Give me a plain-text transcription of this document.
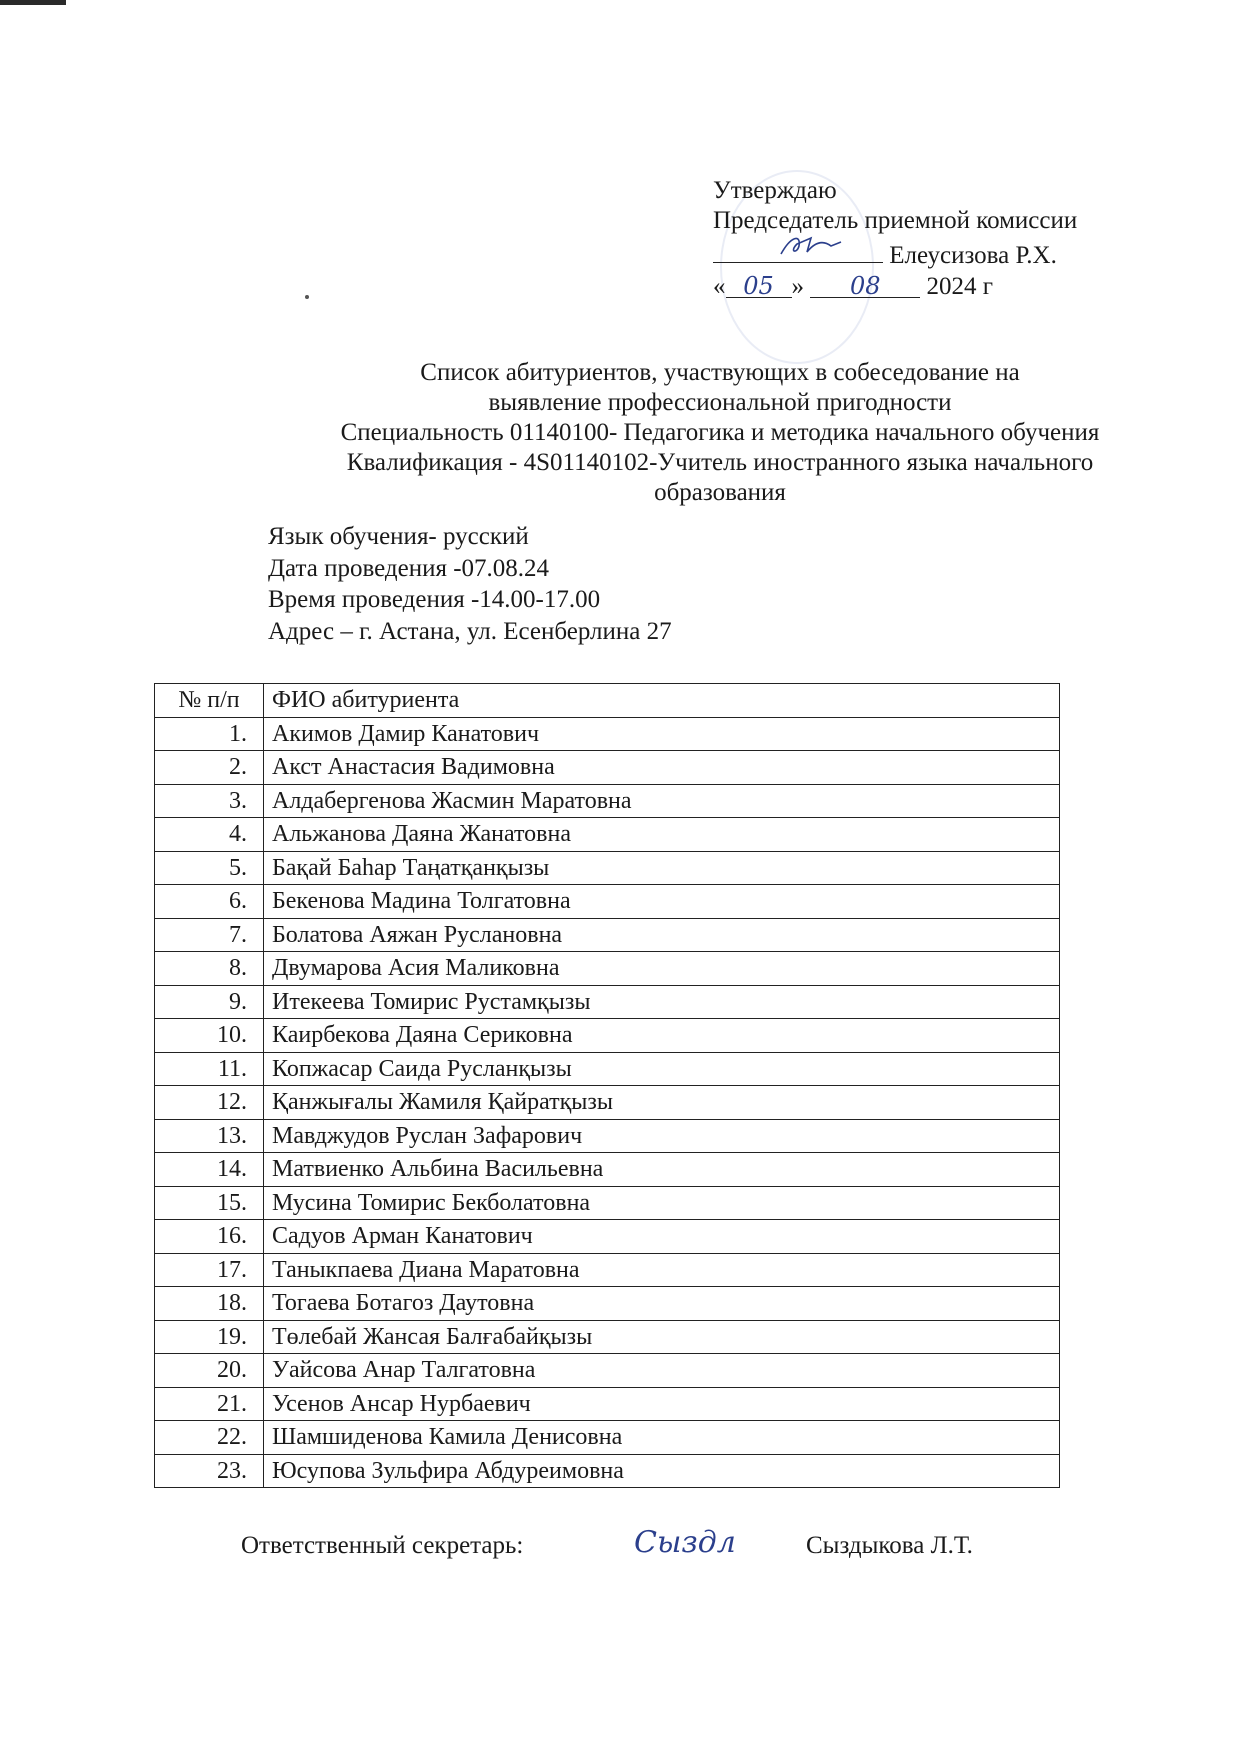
Утверждаю
Председатель приемной комиссии
Елеусизова Р.Х.
« 05 » 08 2024 г
Список абитуриентов, участвующих в собеседование на
выявление профессиональной пригодности
Специальность 01140100- Педагогика и методика начального обучения
Квалификация - 4S01140102-Учитель иностранного языка начального
образования
Язык обучения- русский
Дата проведения -07.08.24
Время проведения -14.00-17.00
Адрес – г. Астана, ул. Есенберлина 27
№ п/п	ФИО абитуриента
1.	Акимов Дамир Канатович
2.	Акст Анастасия Вадимовна
3.	Алдабергенова Жасмин Маратовна
4.	Альжанова Даяна Жанатовна
5.	Бақай Баһар Таңатқанқызы
6.	Бекенова Мадина Толгатовна
7.	Болатова Аяжан Руслановна
8.	Двумарова Асия Маликовна
9.	Итекеева Томирис Рустамқызы
10.	Каирбекова Даяна Сериковна
11.	Копжасар Саида Русланқызы
12.	Қанжығалы Жамиля Қайратқызы
13.	Мавджудов Руслан Зафарович
14.	Матвиенко Альбина Васильевна
15.	Мусина Томирис Бекболатовна
16.	Садуов Арман Канатович
17.	Таныкпаева Диана Маратовна
18.	Тогаева Ботагоз Даутовна
19.	Төлебай Жансая Балғабайқызы
20.	Уайсова Анар Талгатовна
21.	Усенов Ансар Нурбаевич
22.	Шамшиденова Камила Денисовна
23.	Юсупова Зульфира Абдуреимовна
Ответственный секретарь:	Сыздл	Сыздыкова Л.Т.
